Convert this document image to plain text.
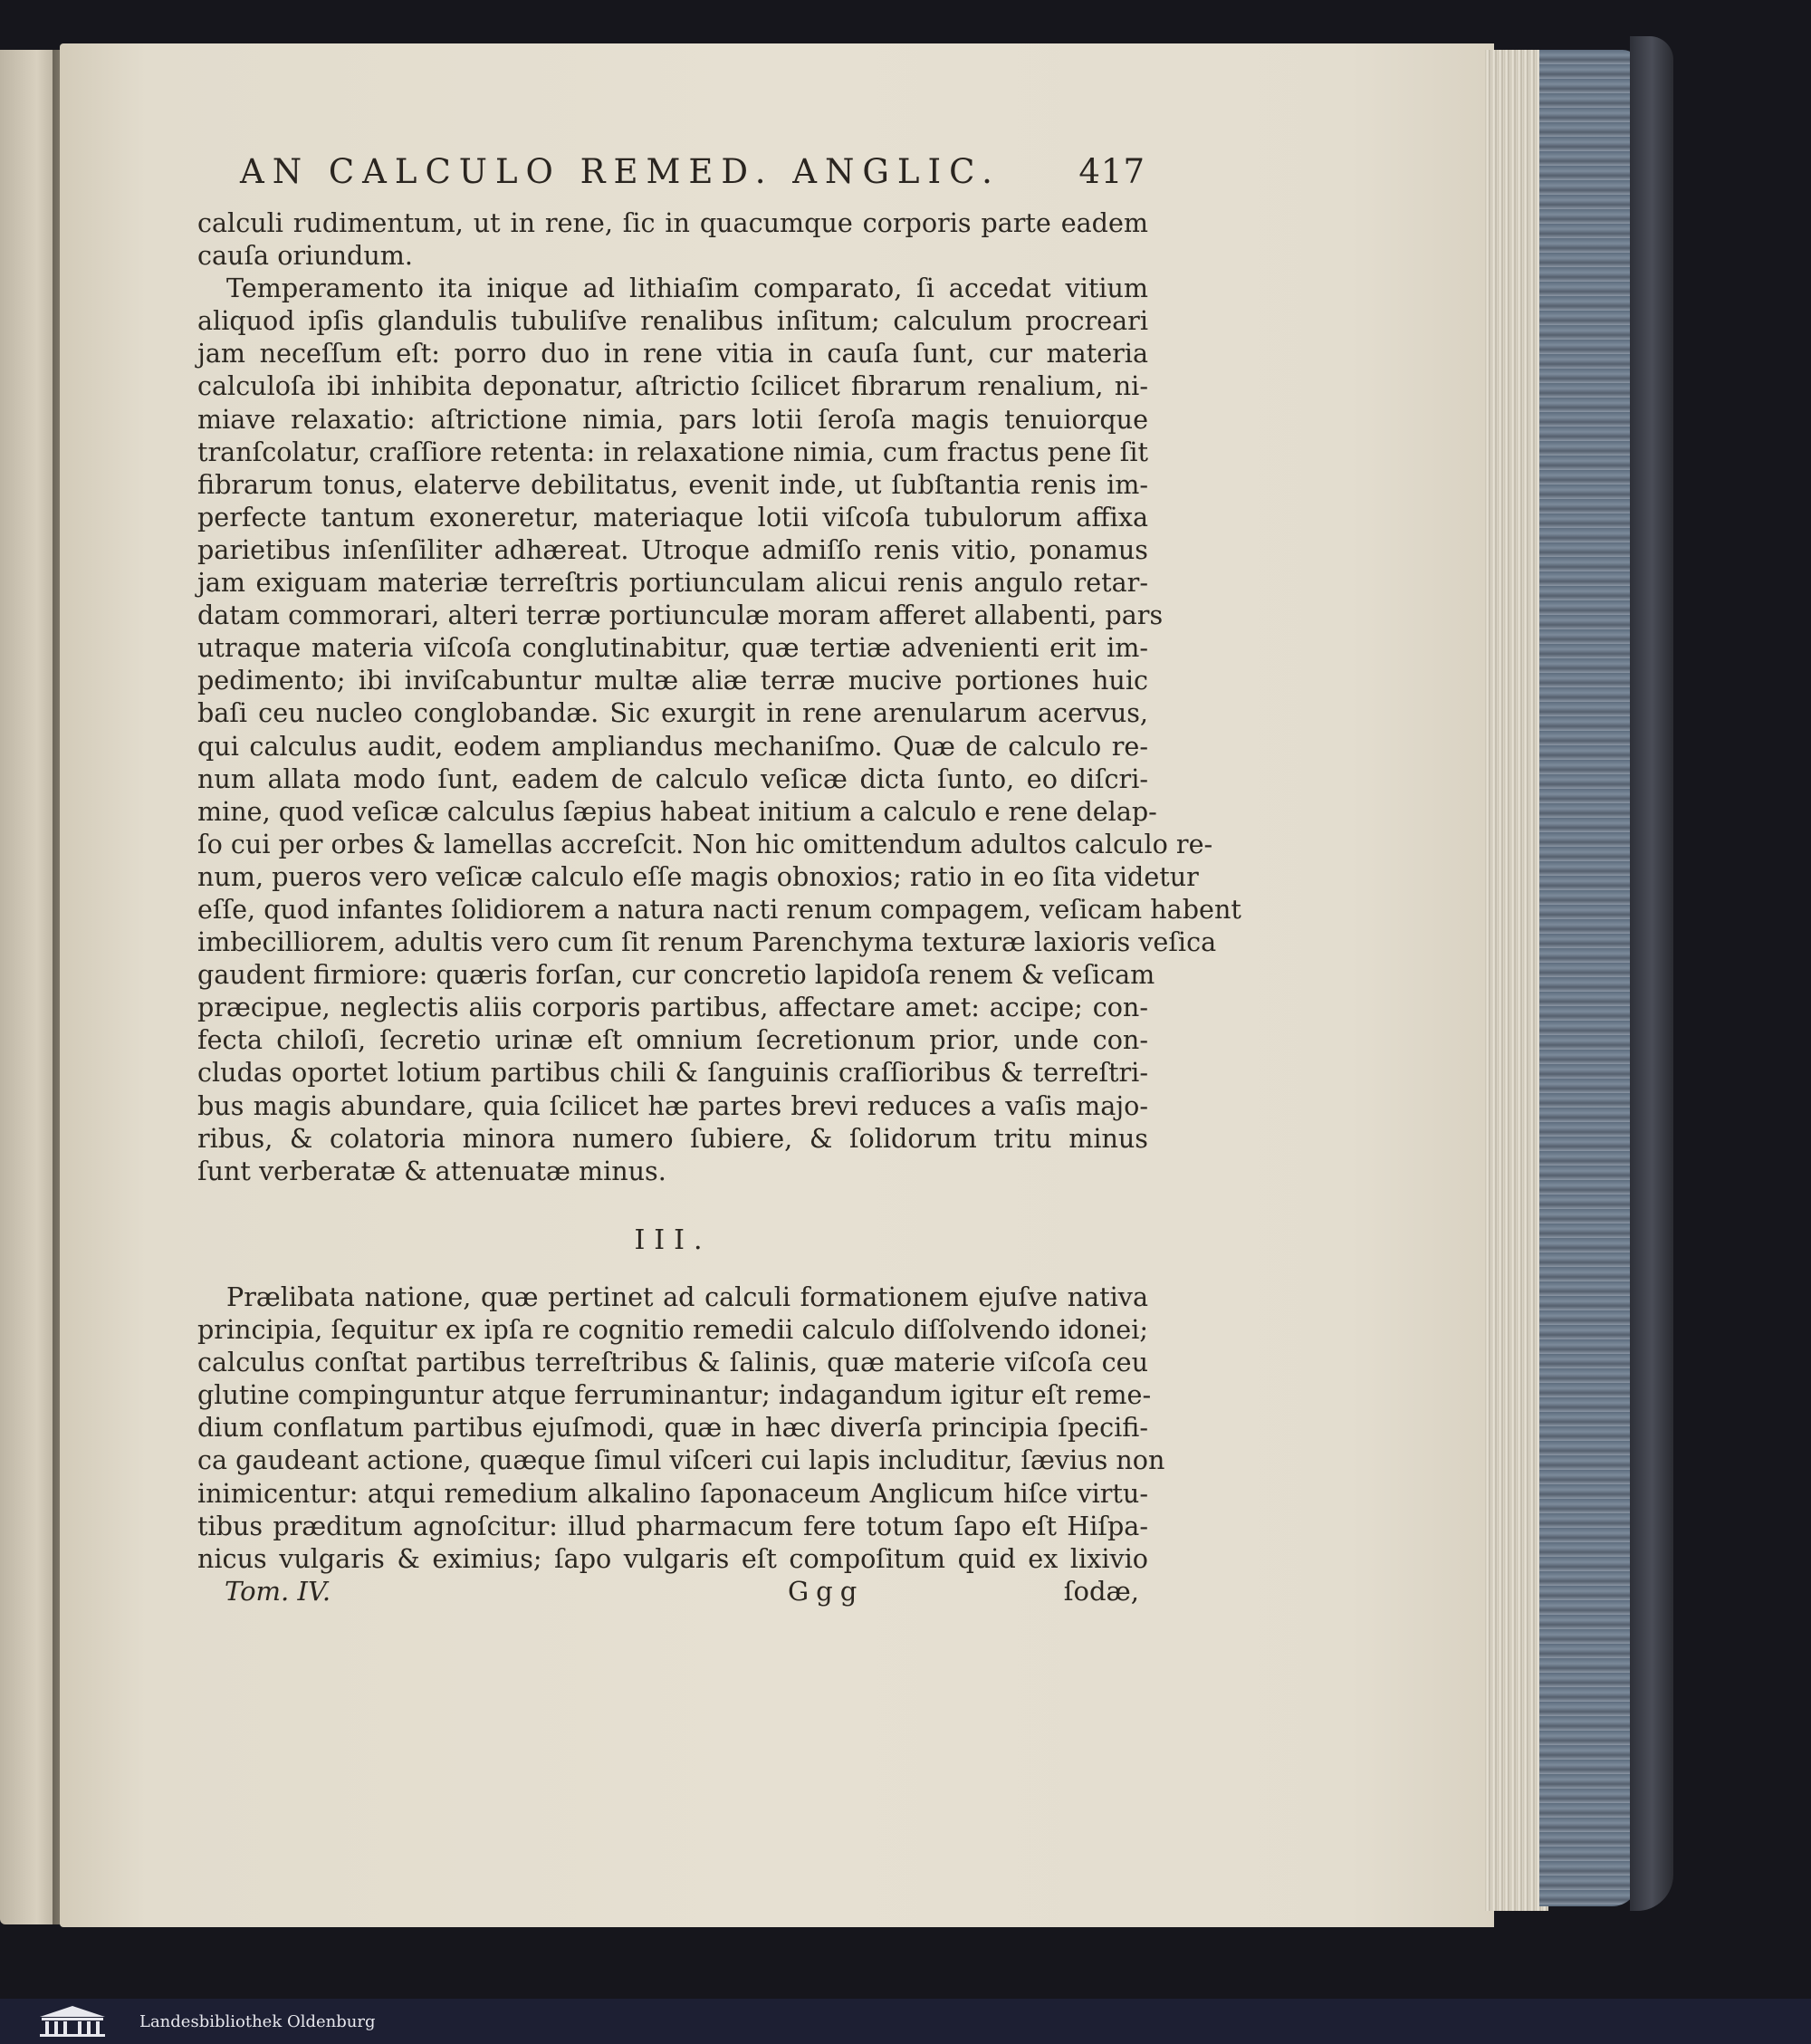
AN CALCULO REMED. ANGLIC. 417
calculi rudimentum, ut in rene, ſic in quacumque corporis parte eadem
cauſa oriundum.
Temperamento ita inique ad lithiaſim comparato, ſi accedat vitium
aliquod ipſis glandulis tubuliſve renalibus inſitum; calculum procreari
jam neceſſum eſt: porro duo in rene vitia in cauſa ſunt, cur materia
calculoſa ibi inhibita deponatur, aſtrictio ſcilicet fibrarum renalium, ni-
miave relaxatio: aſtrictione nimia, pars lotii ſeroſa magis tenuiorque
tranſcolatur, craſſiore retenta: in relaxatione nimia, cum fractus pene ſit
fibrarum tonus, elaterve debilitatus, evenit inde, ut ſubſtantia renis im-
perfecte tantum exoneretur, materiaque lotii viſcoſa tubulorum affixa
parietibus inſenſiliter adhæreat. Utroque admiſſo renis vitio, ponamus
jam exiguam materiæ terreſtris portiunculam alicui renis angulo retar-
datam commorari, alteri terræ portiunculæ moram afferet allabenti, pars
utraque materia viſcoſa conglutinabitur, quæ tertiæ advenienti erit im-
pedimento; ibi inviſcabuntur multæ aliæ terræ mucive portiones huic
baſi ceu nucleo conglobandæ. Sic exurgit in rene arenularum acervus,
qui calculus audit, eodem ampliandus mechaniſmo. Quæ de calculo re-
num allata modo ſunt, eadem de calculo veſicæ dicta ſunto, eo diſcri-
mine, quod veſicæ calculus ſæpius habeat initium a calculo e rene delap-
ſo cui per orbes & lamellas accreſcit. Non hic omittendum adultos calculo re-
num, pueros vero veſicæ calculo eſſe magis obnoxios; ratio in eo ſita videtur
eſſe, quod infantes ſolidiorem a natura nacti renum compagem, veſicam habent
imbecilliorem, adultis vero cum ſit renum Parenchyma texturæ laxioris veſica
gaudent firmiore: quæris forſan, cur concretio lapidoſa renem & veſicam
præcipue, neglectis aliis corporis partibus, affectare amet: accipe; con-
fecta chiloſi, ſecretio urinæ eſt omnium ſecretionum prior, unde con-
cludas oportet lotium partibus chili & ſanguinis craſſioribus & terreſtri-
bus magis abundare, quia ſcilicet hæ partes brevi reduces a vaſis majo-
ribus, & colatoria minora numero ſubiere, & ſolidorum tritu minus
ſunt verberatæ & attenuatæ minus.
III.
Prælibata natione, quæ pertinet ad calculi formationem ejuſve nativa
principia, ſequitur ex ipſa re cognitio remedii calculo diſſolvendo idonei;
calculus conſtat partibus terreſtribus & ſalinis, quæ materie viſcoſa ceu
glutine compinguntur atque ferruminantur; indagandum igitur eſt reme-
dium conflatum partibus ejuſmodi, quæ in hæc diverſa principia ſpecifi-
ca gaudeant actione, quæque ſimul viſceri cui lapis includitur, ſævius non
inimicentur: atqui remedium alkalino ſaponaceum Anglicum hiſce virtu-
tibus præditum agnoſcitur: illud pharmacum fere totum ſapo eſt Hiſpa-
nicus vulgaris & eximius; ſapo vulgaris eſt compoſitum quid ex lixivio
Tom. IV.	Ggg	ſodæ,
Landesbibliothek Oldenburg
